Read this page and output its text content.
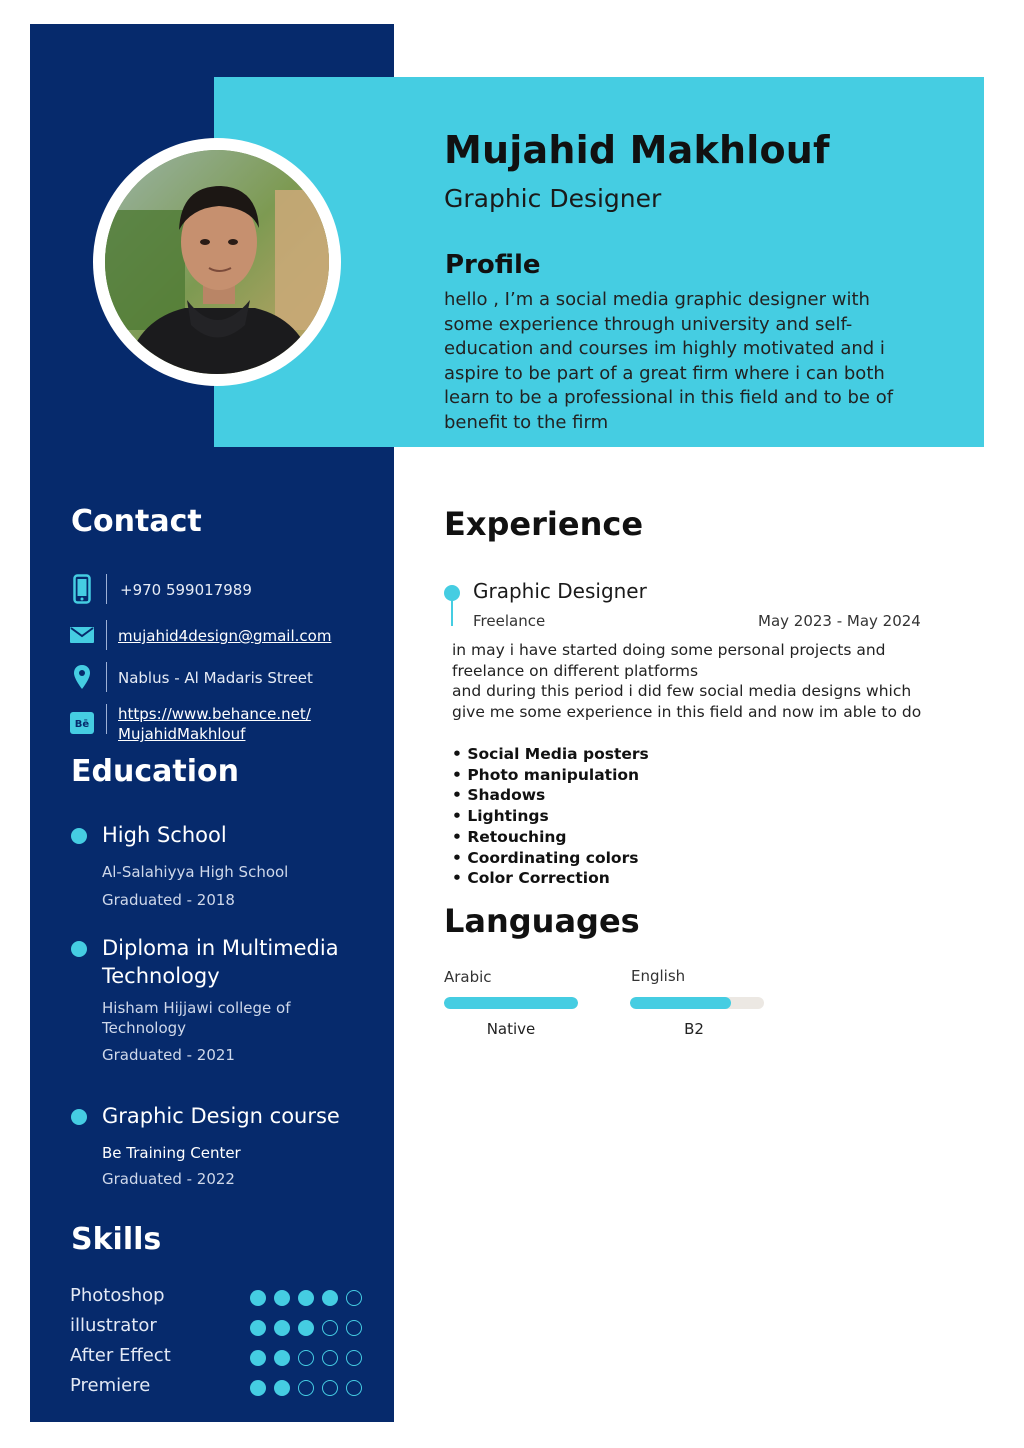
Mujahid Makhlouf
Graphic Designer
Profile
hello , I’m a social media graphic designer with some experience through university and self-education and courses im highly motivated and i aspire to be part of a great firm where i can both learn to be a professional in this field and to be of benefit to the firm
Contact
+970 599017989
mujahid4design@gmail.com
Nablus - Al Madaris Street
Bē
https://www.behance.net/
MujahidMakhlouf
Education
High School
Al-Salahiyya High School
Graduated - 2018
Diploma in Multimedia
Technology
Hisham Hijjawi college of
Technology
Graduated - 2021
Graphic Design course
Be Training Center
Graduated - 2022
Skills
Photoshop
illustrator
After Effect
Premiere
Experience
Graphic Designer
Freelance	May 2023 - May 2024
in may i have started doing some personal projects and
freelance on different platforms
and during this period i did few social media designs which
give me some experience in this field and now im able to do
• Social Media posters
• Photo manipulation
• Shadows
• Lightings
• Retouching
• Coordinating colors
• Color Correction
Languages
Arabic
Native
English
B2
